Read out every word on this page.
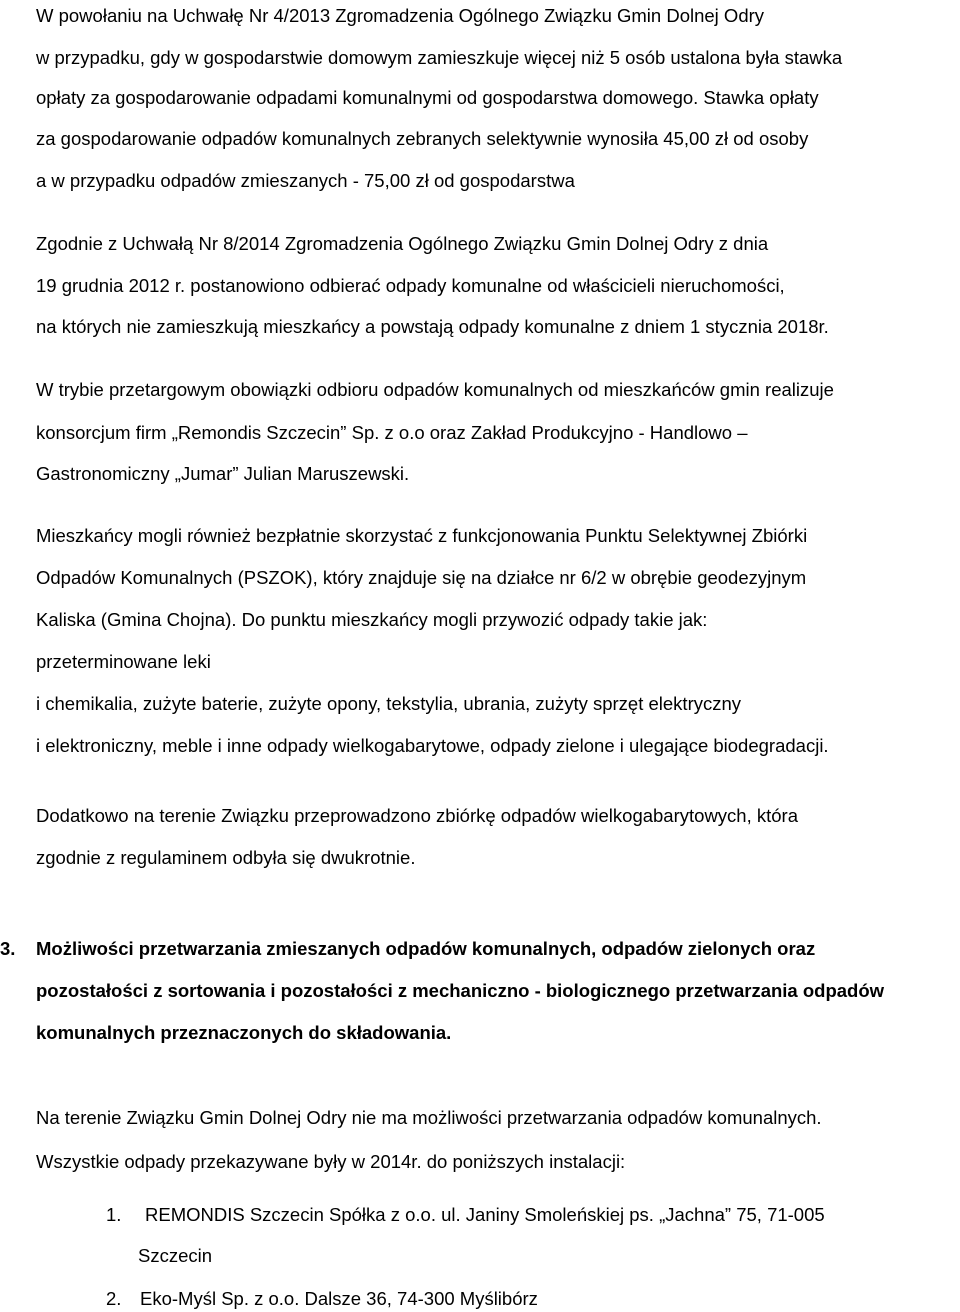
W powołaniu na Uchwałę Nr 4/2013 Zgromadzenia Ogólnego Związku Gmin Dolnej Odry
w przypadku, gdy w gospodarstwie domowym zamieszkuje więcej niż 5 osób ustalona była stawka
opłaty za gospodarowanie odpadami komunalnymi od gospodarstwa domowego. Stawka opłaty
za gospodarowanie odpadów komunalnych zebranych selektywnie wynosiła 45,00 zł od osoby
a w przypadku odpadów zmieszanych - 75,00 zł od gospodarstwa
Zgodnie z Uchwałą Nr 8/2014 Zgromadzenia Ogólnego Związku Gmin Dolnej Odry z dnia
19 grudnia 2012 r. postanowiono odbierać odpady komunalne od właścicieli nieruchomości,
na których nie zamieszkują mieszkańcy a powstają odpady komunalne z dniem 1 stycznia 2018r.
W trybie przetargowym obowiązki odbioru odpadów komunalnych od mieszkańców gmin realizuje
konsorcjum firm „Remondis Szczecin” Sp. z o.o oraz Zakład Produkcyjno - Handlowo –
Gastronomiczny „Jumar” Julian Maruszewski.
Mieszkańcy mogli również bezpłatnie skorzystać z funkcjonowania Punktu Selektywnej Zbiórki
Odpadów Komunalnych (PSZOK), który znajduje się na działce nr 6/2 w obrębie geodezyjnym
Kaliska (Gmina Chojna). Do punktu mieszkańcy mogli przywozić odpady takie jak:
przeterminowane leki
i chemikalia, zużyte baterie, zużyte opony, tekstylia, ubrania, zużyty sprzęt elektryczny
i elektroniczny, meble i inne odpady wielkogabarytowe, odpady zielone i ulegające biodegradacji.
Dodatkowo na terenie Związku przeprowadzono zbiórkę odpadów wielkogabarytowych, która
zgodnie z regulaminem odbyła się dwukrotnie.
3. Możliwości przetwarzania zmieszanych odpadów komunalnych, odpadów zielonych oraz
pozostałości z sortowania i pozostałości z mechaniczno - biologicznego przetwarzania odpadów
komunalnych przeznaczonych do składowania.
Na terenie Związku Gmin Dolnej Odry nie ma możliwości przetwarzania odpadów komunalnych.
Wszystkie odpady przekazywane były w 2014r. do poniższych instalacji:
1. REMONDIS Szczecin Spółka z o.o. ul. Janiny Smoleńskiej ps. „Jachna” 75, 71-005
Szczecin
2. Eko-Myśl Sp. z o.o. Dalsze 36, 74-300 Myślibórz
